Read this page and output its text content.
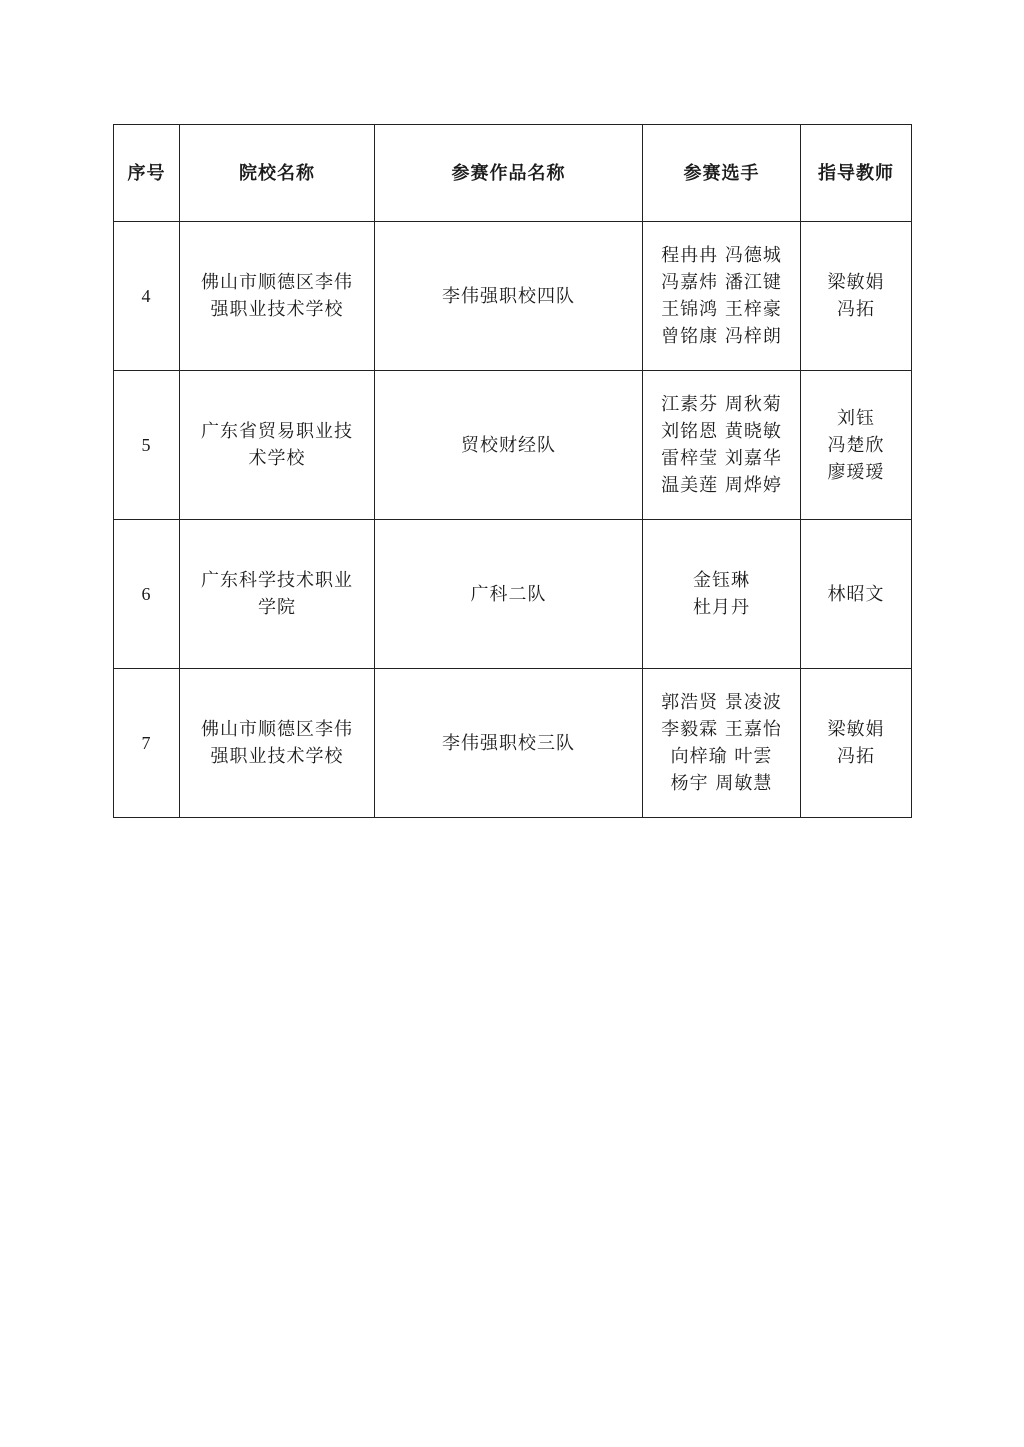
序号	院校名称	参赛作品名称	参赛选手	指导教师
4	佛山市顺德区李伟强职业技术学校	李伟强职校四队	程冉冉 冯德城
冯嘉炜 潘江键
王锦鸿 王梓豪
曾铭康 冯梓朗	梁敏娟
冯拓

5	广东省贸易职业技术学校	贸校财经队	江素芬 周秋菊
刘铭恩 黄晓敏
雷梓莹 刘嘉华
温美莲 周烨婷	刘钰
冯楚欣
廖瑷瑷

6	广东科学技术职业学院	广科二队	金钰琳
杜月丹	林昭文

7	佛山市顺德区李伟强职业技术学校	李伟强职校三队	郭浩贤 景凌波
李毅霖 王嘉怡
向梓瑜 叶雲
杨宇 周敏慧	梁敏娟
冯拓
